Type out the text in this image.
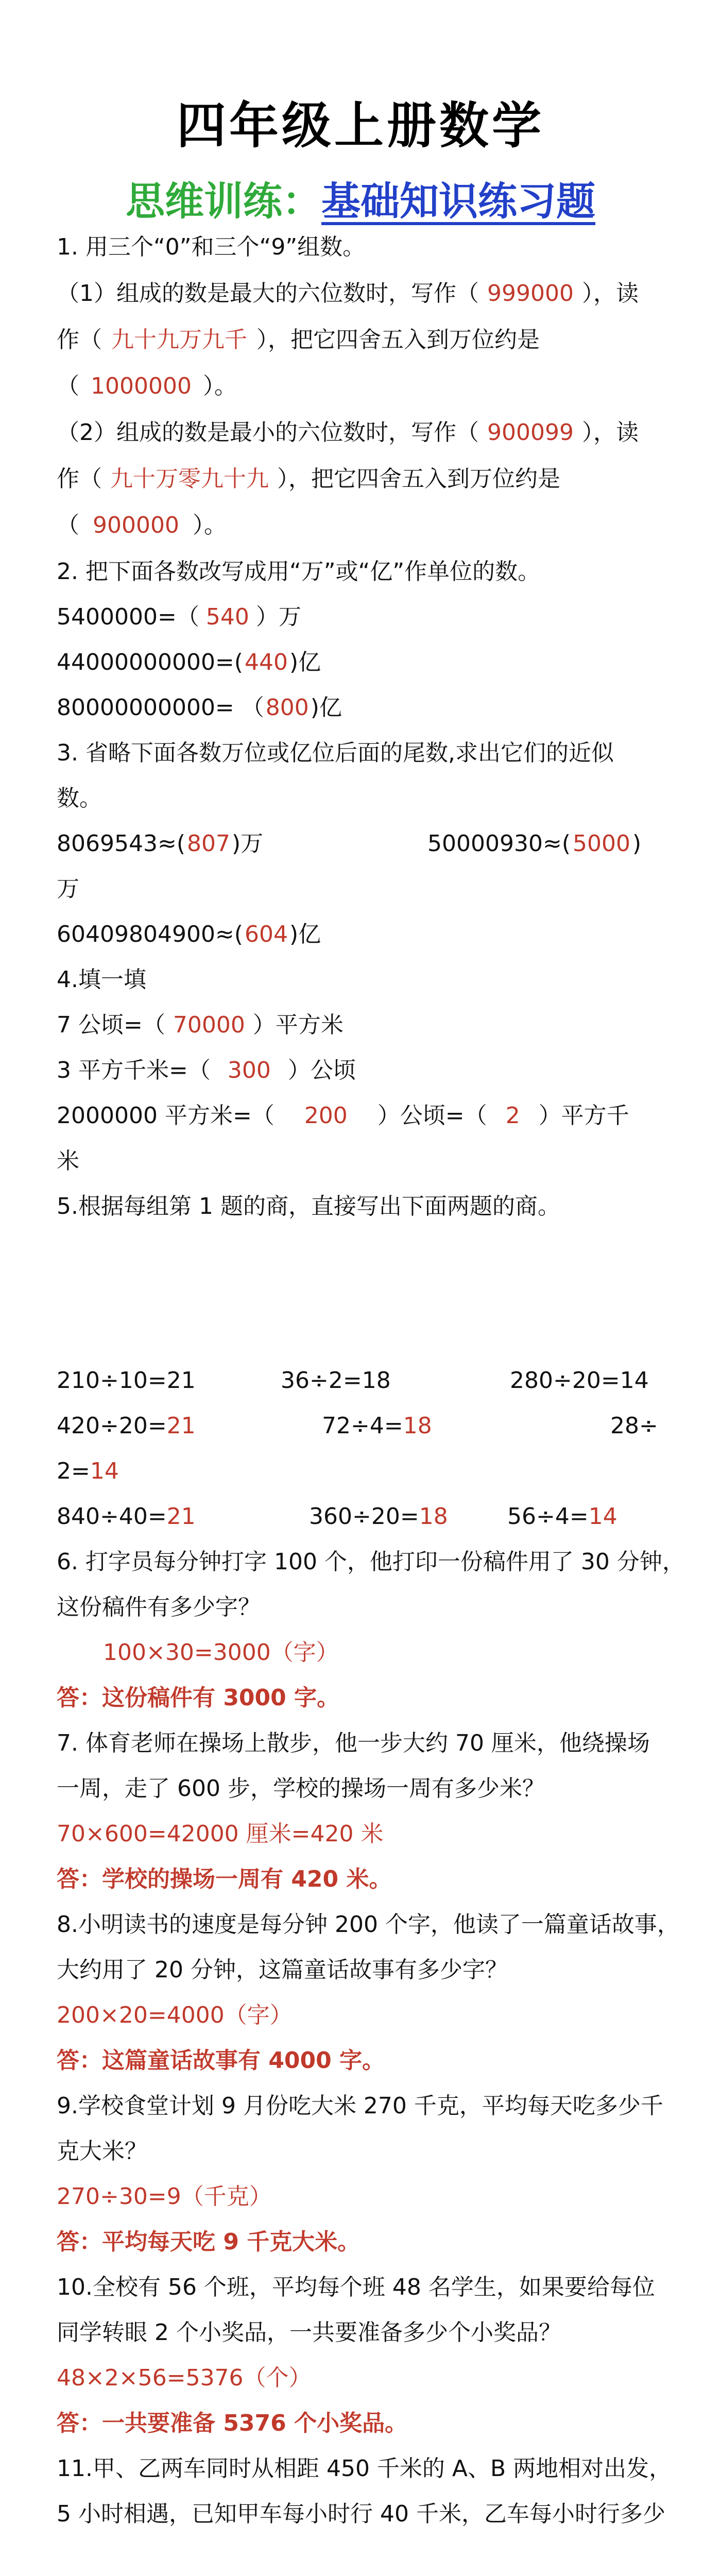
四年级上册数学
思维训练：基础知识练习题
1. 用三个“0”和三个“9”组数。
（1）组成的数是最大的六位数时，写作（ 999000 ），读
作（ 九十九万九千 ），把它四舍五入到万位约是
（ 1000000 ）。
（2）组成的数是最小的六位数时，写作（ 900099 ），读
作（ 九十万零九十九 ），把它四舍五入到万位约是
（ 900000 ）。
2. 把下面各数改写成用“万”或“亿”作单位的数。
5400000=（ 540 ）万
44000000000=(440)亿
80000000000= （800)亿
3. 省略下面各数万位或亿位后面的尾数,求出它们的近似
数。
8069543≈(807)万	50000930≈(5000)
万
60409804900≈(604)亿
4.填一填
7 公顷=（ 70000 ）平方米
3 平方千米=（ 300 ）公顷
2000000 平方米=（ 200 ）公顷=（ 2 ）平方千
米
5.根据每组第 1 题的商，直接写出下面两题的商。
210÷10=21	36÷2=18	280÷20=14
420÷20=21	72÷4=18	28÷
2=14
840÷40=21	360÷20=18	56÷4=14
6. 打字员每分钟打字 100 个，他打印一份稿件用了 30 分钟，
这份稿件有多少字？
100×30=3000（字）
答：这份稿件有 3000 字。
7. 体育老师在操场上散步，他一步大约 70 厘米，他绕操场
一周，走了 600 步，学校的操场一周有多少米？
70×600=42000 厘米=420 米
答：学校的操场一周有 420 米。
8.小明读书的速度是每分钟 200 个字，他读了一篇童话故事，
大约用了 20 分钟，这篇童话故事有多少字？
200×20=4000（字）
答：这篇童话故事有 4000 字。
9.学校食堂计划 9 月份吃大米 270 千克，平均每天吃多少千
克大米？
270÷30=9（千克）
答：平均每天吃 9 千克大米。
10.全校有 56 个班，平均每个班 48 名学生，如果要给每位
同学转眼 2 个小奖品，一共要准备多少个小奖品？
48×2×56=5376（个）
答：一共要准备 5376 个小奖品。
11.甲、乙两车同时从相距 450 千米的 A、B 两地相对出发，
5 小时相遇，已知甲车每小时行 40 千米，乙车每小时行多少
